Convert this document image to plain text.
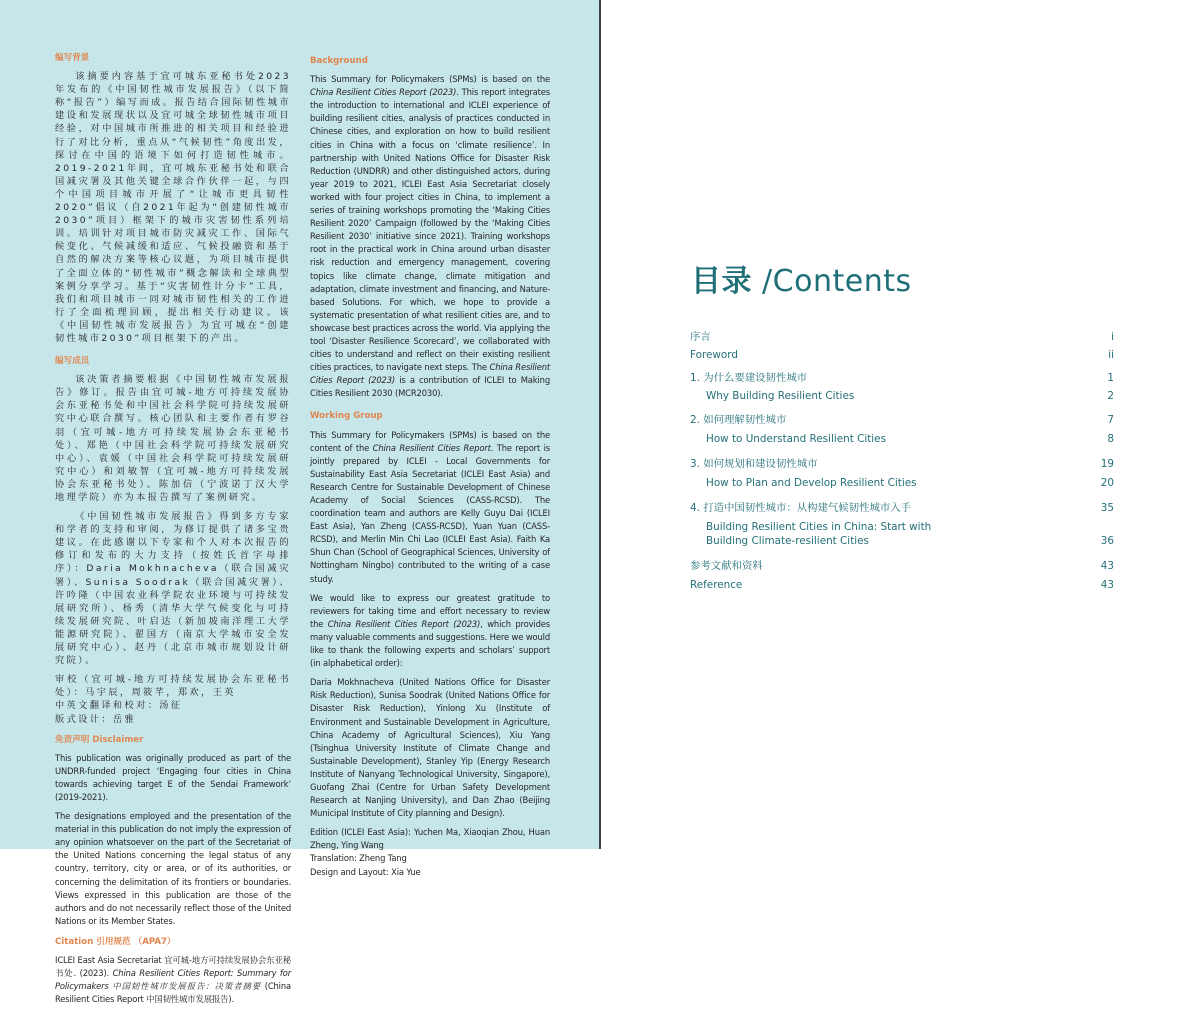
编写背景

该摘要内容基于宜可城东亚秘书处2023年发布的《中国韧性城市发展报告》（以下简称“报告”）编写而成。报告结合国际韧性城市建设和发展现状以及宜可城全球韧性城市项目经验，对中国城市所推进的相关项目和经验进行了对比分析，重点从“气候韧性”角度出发，探讨在中国的语境下如何打造韧性城市。2019-2021年间，宜可城东亚秘书处和联合国减灾署及其他关键全球合作伙伴一起，与四个中国项目城市开展了“让城市更具韧性2020”倡议（自2021年起为“创建韧性城市2030”项目）框架下的城市灾害韧性系列培训。培训针对项目城市防灾减灾工作、国际气候变化、气候减缓和适应、气候投融资和基于自然的解决方案等核心议题，为项目城市提供了全面立体的“韧性城市”概念解读和全球典型案例分享学习。基于“灾害韧性计分卡”工具，我们和项目城市一同对城市韧性相关的工作进行了全面梳理回顾，提出相关行动建议。该《中国韧性城市发展报告》为宜可城在“创建韧性城市2030”项目框架下的产出。

编写成员

该决策者摘要根据《中国韧性城市发展报告》修订。报告由宜可城-地方可持续发展协会东亚秘书处和中国社会科学院可持续发展研究中心联合撰写。核心团队和主要作者有罗谷羽（宜可城-地方可持续发展协会东亚秘书处）、郑艳（中国社会科学院可持续发展研究中心）、袁媛（中国社会科学院可持续发展研究中心）和刘敏智（宜可城-地方可持续发展协会东亚秘书处）。陈加信（宁波诺丁汉大学地理学院）亦为本报告撰写了案例研究。

《中国韧性城市发展报告》得到多方专家和学者的支持和审阅，为修订提供了诸多宝贵建议。在此感谢以下专家和个人对本次报告的修订和发布的大力支持（按姓氏首字母排序）：Daria Mokhnacheva（联合国减灾署）、Sunisa Soodrak（联合国减灾署）、许吟隆（中国农业科学院农业环境与可持续发展研究所）、杨秀（清华大学气候变化与可持续发展研究院、叶启达（新加坡南洋理工大学能源研究院）、翟国方（南京大学城市安全发展研究中心）、赵丹（北京市城市规划设计研究院）。

审校（宜可城-地方可持续发展协会东亚秘书处）：马宇辰，周筱芊，郑欢，王英

中英文翻译和校对：汤征

版式设计：岳雅

免责声明 Disclaimer

This publication was originally produced as part of the UNDRR-funded project ‘Engaging four cities in China towards achieving target E of the Sendai Framework’ (2019-2021).

The designations employed and the presentation of the material in this publication do not imply the expression of any opinion whatsoever on the part of the Secretariat of the United Nations concerning the legal status of any country, territory, city or area, or of its authorities, or concerning the delimitation of its frontiers or boundaries. Views expressed in this publication are those of the authors and do not necessarily reflect those of the United Nations or its Member States.

Citation 引用规范 （APA7）

ICLEI East Asia Secretariat 宜可城-地方可持续发展协会东亚秘书处. (2023). China Resilient Cities Report: Summary for Policymakers 中国韧性城市发展报告：决策者摘要 (China Resilient Cities Report 中国韧性城市发展报告).

Background

This Summary for Policymakers (SPMs) is based on the China Resilient Cities Report (2023). This report integrates the introduction to international and ICLEI experience of building resilient cities, analysis of practices conducted in Chinese cities, and exploration on how to build resilient cities in China with a focus on ‘climate resilience’. In partnership with United Nations Office for Disaster Risk Reduction (UNDRR) and other distinguished actors, during year 2019 to 2021, ICLEI East Asia Secretariat closely worked with four project cities in China, to implement a series of training workshops promoting the ‘Making Cities Resilient 2020’ Campaign (followed by the ‘Making Cities Resilient 2030’ initiative since 2021). Training workshops root in the practical work in China around urban disaster risk reduction and emergency management, covering topics like climate change, climate mitigation and adaptation, climate investment and financing, and Nature-based Solutions. For which, we hope to provide a systematic presentation of what resilient cities are, and to showcase best practices across the world. Via applying the tool ‘Disaster Resilience Scorecard’, we collaborated with cities to understand and reflect on their existing resilient cities practices, to navigate next steps. The China Resilient Cities Report (2023) is a contribution of ICLEI to Making Cities Resilient 2030 (MCR2030).

Working Group

This Summary for Policymakers (SPMs) is based on the content of the China Resilient Cities Report. The report is jointly prepared by ICLEI - Local Governments for Sustainability East Asia Secretariat (ICLEI East Asia) and Research Centre for Sustainable Development of Chinese Academy of Social Sciences (CASS-RCSD). The coordination team and authors are Kelly Guyu Dai (ICLEI East Asia), Yan Zheng (CASS-RCSD), Yuan Yuan (CASS-RCSD), and Merlin Min Chi Lao (ICLEI East Asia). Faith Ka Shun Chan (School of Geographical Sciences, University of Nottingham Ningbo) contributed to the writing of a case study.

We would like to express our greatest gratitude to reviewers for taking time and effort necessary to review the China Resilient Cities Report (2023), which provides many valuable comments and suggestions. Here we would like to thank the following experts and scholars’ support (in alphabetical order):

Daria Mokhnacheva (United Nations Office for Disaster Risk Reduction), Sunisa Soodrak (United Nations Office for Disaster Risk Reduction), Yinlong Xu (Institute of Environment and Sustainable Development in Agriculture, China Academy of Agricultural Sciences), Xiu Yang (Tsinghua University Institute of Climate Change and Sustainable Development), Stanley Yip (Energy Research Institute of Nanyang Technological University, Singapore), Guofang Zhai (Centre for Urban Safety Development Research at Nanjing University), and Dan Zhao (Beijing Municipal Institute of City planning and Design).

Edition (ICLEI East Asia): Yuchen Ma, Xiaoqian Zhou, Huan Zheng, Ying Wang

Translation: Zheng Tang

Design and Layout: Xia Yue

目录 /Contents
序言	i
Foreword	ii
1. 为什么要建设韧性城市	1
Why Building Resilient Cities	2
2. 如何理解韧性城市	7
How to Understand Resilient Cities	8
3. 如何规划和建设韧性城市	19
How to Plan and Develop Resilient Cities	20
4. 打造中国韧性城市：从构建气候韧性城市入手	35
Building Resilient Cities in China: Start with
Building Climate-resilient Cities	36
参考文献和资料	43
Reference	43
